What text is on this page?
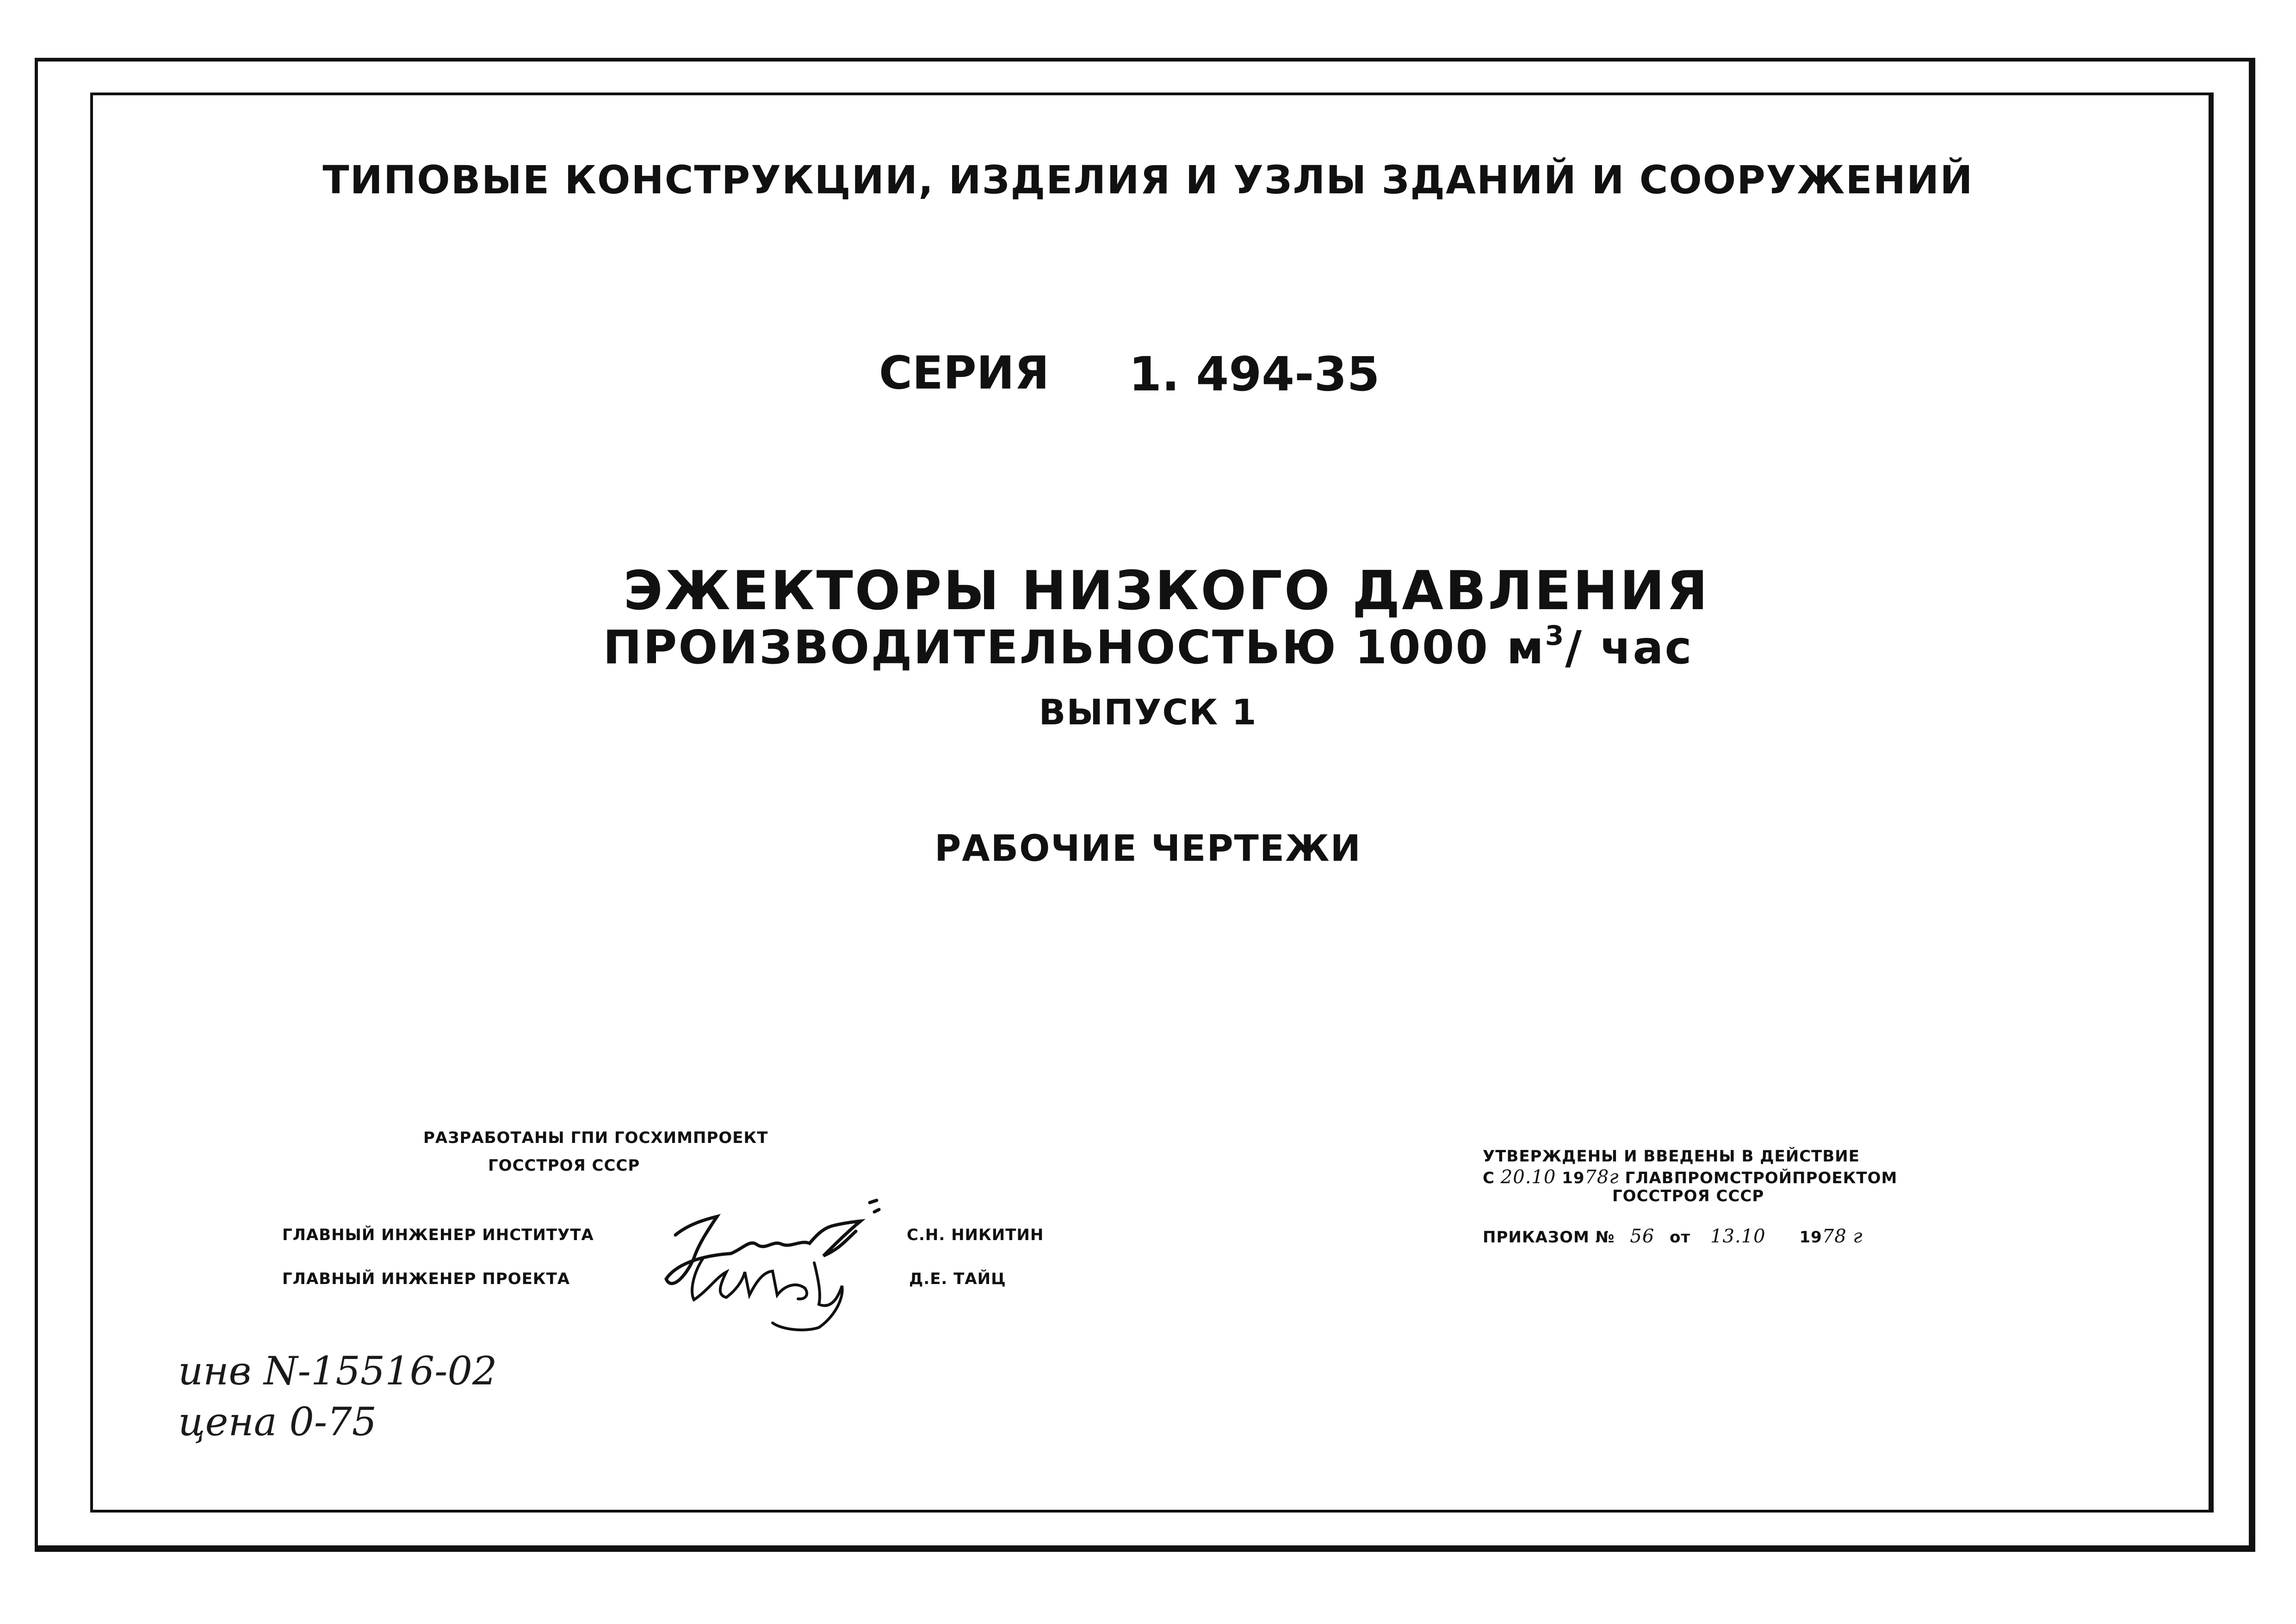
ТИПОВЫЕ КОНСТРУКЦИИ, ИЗДЕЛИЯ И УЗЛЫ ЗДАНИЙ И СООРУЖЕНИЙ
СЕРИЯ 1. 494-35
ЭЖЕКТОРЫ НИЗКОГО ДАВЛЕНИЯ
ПРОИЗВОДИТЕЛЬНОСТЬЮ 1000 $м^3/$ час
ВЫПУСК 1
РАБОЧИЕ ЧЕРТЕЖИ
РАЗРАБОТАНЫ ГПИ ГОСХИМПРОЕКТ
ГОССТРОЯ СССР
ГЛАВНЫЙ ИНЖЕНЕР ИНСТИТУТА	С.Н. НИКИТИН
ГЛАВНЫЙ ИНЖЕНЕР ПРОЕКТА	Д.Е. ТАЙЦ
УТВЕРЖДЕНЫ И ВВЕДЕНЫ В ДЕЙСТВИЕ
С 20.10 1978г ГЛАВПРОМСТРОЙПРОЕКТОМ
ГОССТРОЯ СССР
ПРИКАЗОМ № 56 от 13.10 1978 г
инв N-15516-02
цена 0-75
